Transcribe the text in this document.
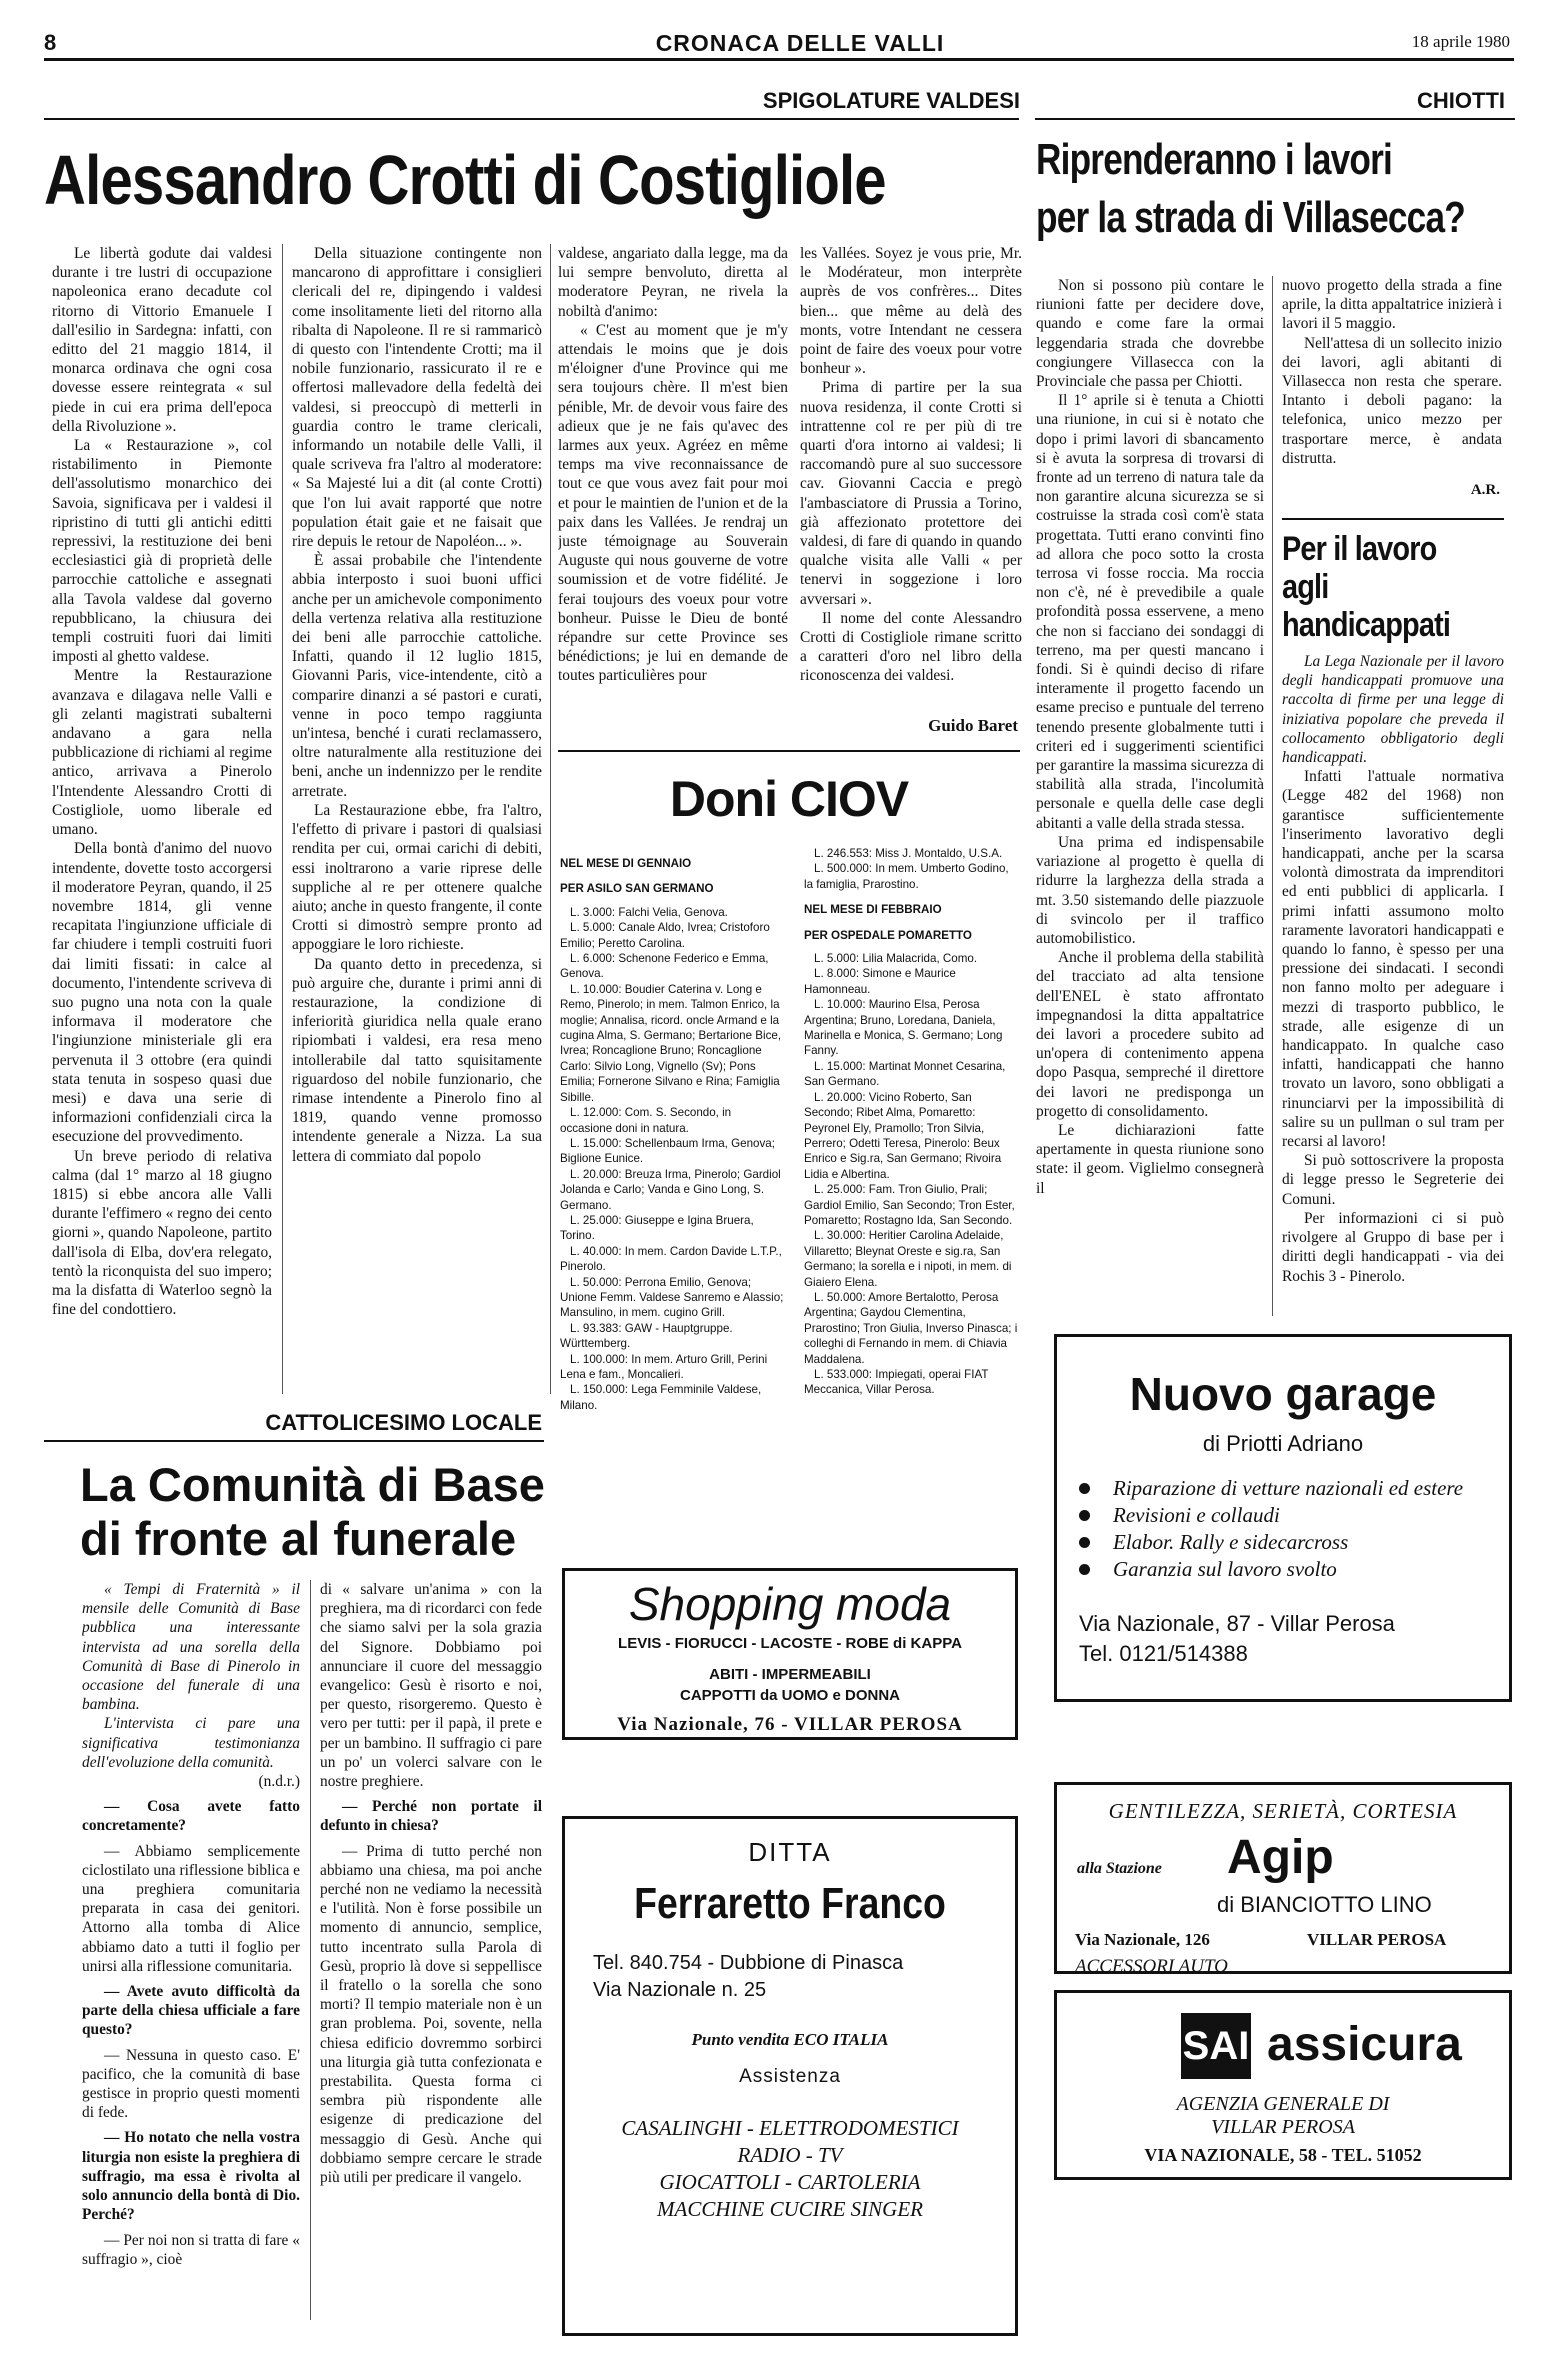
8	CRONACA DELLE VALLI	18 aprile 1980
SPIGOLATURE VALDESI	CHIOTTI
Alessandro Crotti di Costigliole

Le libertà godute dai valdesi durante i tre lustri di occupazione napoleonica erano decadute col ritorno di Vittorio Emanuele I dall'esilio in Sardegna: infatti, con editto del 21 maggio 1814, il monarca ordinava che ogni cosa dovesse essere reintegrata « sul piede in cui era prima dell'epoca della Rivoluzione ».

La « Restaurazione », col ristabilimento in Piemonte dell'assolutismo monarchico dei Savoia, significava per i valdesi il ripristino di tutti gli antichi editti repressivi, la restituzione dei beni ecclesiastici già di proprietà delle parrocchie cattoliche e assegnati alla Tavola valdese dal governo repubblicano, la chiusura dei templi costruiti fuori dai limiti imposti al ghetto valdese.

Mentre la Restaurazione avanzava e dilagava nelle Valli e gli zelanti magistrati subalterni andavano a gara nella pubblicazione di richiami al regime antico, arrivava a Pinerolo l'Intendente Alessandro Crotti di Costigliole, uomo liberale ed umano.

Della bontà d'animo del nuovo intendente, dovette tosto accorgersi il moderatore Peyran, quando, il 25 novembre 1814, gli venne recapitata l'ingiunzione ufficiale di far chiudere i templi costruiti fuori dai limiti fissati: in calce al documento, l'intendente scriveva di suo pugno una nota con la quale informava il moderatore che l'ingiunzione ministeriale gli era pervenuta il 3 ottobre (era quindi stata tenuta in sospeso quasi due mesi) e dava una serie di informazioni confidenziali circa la esecuzione del provvedimento.

Un breve periodo di relativa calma (dal 1° marzo al 18 giugno 1815) si ebbe ancora alle Valli durante l'effimero « regno dei cento giorni », quando Napoleone, partito dall'isola di Elba, dov'era relegato, tentò la riconquista del suo impero; ma la disfatta di Waterloo segnò la fine del condottiero.

Della situazione contingente non mancarono di approfittare i consiglieri clericali del re, dipingendo i valdesi come insolitamente lieti del ritorno alla ribalta di Napoleone. Il re si rammaricò di questo con l'intendente Crotti; ma il nobile funzionario, rassicurato il re e offertosi mallevadore della fedeltà dei valdesi, si preoccupò di metterli in guardia contro le trame clericali, informando un notabile delle Valli, il quale scriveva fra l'altro al moderatore: « Sa Majesté lui a dit (al conte Crotti) que l'on lui avait rapporté que notre population était gaie et ne faisait que rire depuis le retour de Napoléon... ».

È assai probabile che l'intendente abbia interposto i suoi buoni uffici anche per un amichevole componimento della vertenza relativa alla restituzione dei beni alle parrocchie cattoliche. Infatti, quando il 12 luglio 1815, Giovanni Paris, vice-intendente, citò a comparire dinanzi a sé pastori e curati, venne in poco tempo raggiunta un'intesa, benché i curati reclamassero, oltre naturalmente alla restituzione dei beni, anche un indennizzo per le rendite arretrate.

La Restaurazione ebbe, fra l'altro, l'effetto di privare i pastori di qualsiasi rendita per cui, ormai carichi di debiti, essi inoltrarono a varie riprese delle suppliche al re per ottenere qualche aiuto; anche in questo frangente, il conte Crotti si dimostrò sempre pronto ad appoggiare le loro richieste.

Da quanto detto in precedenza, si può arguire che, durante i primi anni di restaurazione, la condizione di inferiorità giuridica nella quale erano ripiombati i valdesi, era resa meno intollerabile dal tatto squisitamente riguardoso del nobile funzionario, che rimase intendente a Pinerolo fino al 1819, quando venne promosso intendente generale a Nizza. La sua lettera di commiato dal popolo

valdese, angariato dalla legge, ma da lui sempre benvoluto, diretta al moderatore Peyran, ne rivela la nobiltà d'animo:

« C'est au moment que je m'y attendais le moins que je dois m'éloigner d'une Province qui me sera toujours chère. Il m'est bien pénible, Mr. de devoir vous faire des adieux que je ne fais qu'avec des larmes aux yeux. Agréez en même temps ma vive reconnaissance de tout ce que vous avez fait pour moi et pour le maintien de l'union et de la paix dans les Vallées. Je rendraj un juste témoignage au Souverain Auguste qui nous gouverne de votre soumission et de votre fidélité. Je ferai toujours des voeux pour votre bonheur. Puisse le Dieu de bonté répandre sur cette Province ses bénédictions; je lui en demande de toutes particulières pour

les Vallées. Soyez je vous prie, Mr. le Modérateur, mon interprète auprès de vos confrères... Dites bien... que même au delà des monts, votre Intendant ne cessera point de faire des voeux pour votre bonheur ».

Prima di partire per la sua nuova residenza, il conte Crotti si intrattenne col re per più di tre quarti d'ora intorno ai valdesi; li raccomandò pure al suo successore cav. Giovanni Caccia e pregò l'ambasciatore di Prussia a Torino, già affezionato protettore dei valdesi, di fare di quando in quando qualche visita alle Valli « per tenervi in soggezione i loro avversari ».

Il nome del conte Alessandro Crotti di Costigliole rimane scritto a caratteri d'oro nel libro della riconoscenza dei valdesi.

Guido Baret
Doni CIOV
NEL MESE DI GENNAIO
PER ASILO SAN GERMANO
L. 3.000: Falchi Velia, Genova.
L. 5.000: Canale Aldo, Ivrea; Cristoforo Emilio; Peretto Carolina.
L. 6.000: Schenone Federico e Emma, Genova.
L. 10.000: Boudier Caterina v. Long e Remo, Pinerolo; in mem. Talmon Enrico, la moglie; Annalisa, ricord. oncle Armand e la cugina Alma, S. Germano; Bertarione Bice, Ivrea; Roncaglione Bruno; Roncaglione Carlo: Silvio Long, Vignello (Sv); Pons Emilia; Fornerone Silvano e Rina; Famiglia Sibille.
L. 12.000: Com. S. Secondo, in occasione doni in natura.
L. 15.000: Schellenbaum Irma, Genova; Biglione Eunice.
L. 20.000: Breuza Irma, Pinerolo; Gardiol Jolanda e Carlo; Vanda e Gino Long, S. Germano.
L. 25.000: Giuseppe e Igina Bruera, Torino.
L. 40.000: In mem. Cardon Davide L.T.P., Pinerolo.
L. 50.000: Perrona Emilio, Genova; Unione Femm. Valdese Sanremo e Alassio; Mansulino, in mem. cugino Grill.
L. 93.383: GAW - Hauptgruppe. Württemberg.
L. 100.000: In mem. Arturo Grill, Perini Lena e fam., Moncalieri.
L. 150.000: Lega Femminile Valdese, Milano.
L. 246.553: Miss J. Montaldo, U.S.A.
L. 500.000: In mem. Umberto Godino, la famiglia, Prarostino.
NEL MESE DI FEBBRAIO
PER OSPEDALE POMARETTO
L. 5.000: Lilia Malacrida, Como.
L. 8.000: Simone e Maurice Hamonneau.
L. 10.000: Maurino Elsa, Perosa Argentina; Bruno, Loredana, Daniela, Marinella e Monica, S. Germano; Long Fanny.
L. 15.000: Martinat Monnet Cesarina, San Germano.
L. 20.000: Vicino Roberto, San Secondo; Ribet Alma, Pomaretto: Peyronel Ely, Pramollo; Tron Silvia, Perrero; Odetti Teresa, Pinerolo: Beux Enrico e Sig.ra, San Germano; Rivoira Lidia e Albertina.
L. 25.000: Fam. Tron Giulio, Prali; Gardiol Emilio, San Secondo; Tron Ester, Pomaretto; Rostagno Ida, San Secondo.
L. 30.000: Heritier Carolina Adelaide, Villaretto; Bleynat Oreste e sig.ra, San Germano; la sorella e i nipoti, in mem. di Giaiero Elena.
L. 50.000: Amore Bertalotto, Perosa Argentina; Gaydou Clementina, Prarostino; Tron Giulia, Inverso Pinasca; i colleghi di Fernando in mem. di Chiavia Maddalena.
L. 533.000: Impiegati, operai FIAT Meccanica, Villar Perosa.
CATTOLICESIMO LOCALE
La Comunità di Base
di fronte al funerale

« Tempi di Fraternità » il mensile delle Comunità di Base pubblica una interessante intervista ad una sorella della Comunità di Base di Pinerolo in occasione del funerale di una bambina.

L'intervista ci pare una significativa testimonianza dell'evoluzione della comunità.

(n.d.r.)

— Cosa avete fatto concretamente?

— Abbiamo semplicemente ciclostilato una riflessione biblica e una preghiera comunitaria preparata in casa dei genitori. Attorno alla tomba di Alice abbiamo dato a tutti il foglio per unirsi alla riflessione comunitaria.

— Avete avuto difficoltà da parte della chiesa ufficiale a fare questo?

— Nessuna in questo caso. E' pacifico, che la comunità di base gestisce in proprio questi momenti di fede.

— Ho notato che nella vostra liturgia non esiste la preghiera di suffragio, ma essa è rivolta al solo annuncio della bontà di Dio. Perché?

— Per noi non si tratta di fare « suffragio », cioè

di « salvare un'anima » con la preghiera, ma di ricordarci con fede che siamo salvi per la sola grazia del Signore. Dobbiamo poi annunciare il cuore del messaggio evangelico: Gesù è risorto e noi, per questo, risorgeremo. Questo è vero per tutti: per il papà, il prete e per un bambino. Il suffragio ci pare un po' un volerci salvare con le nostre preghiere.

— Perché non portate il defunto in chiesa?

— Prima di tutto perché non abbiamo una chiesa, ma poi anche perché non ne vediamo la necessità e l'utilità. Non è forse possibile un momento di annuncio, semplice, tutto incentrato sulla Parola di Gesù, proprio là dove si seppellisce il fratello o la sorella che sono morti? Il tempio materiale non è un gran problema. Poi, sovente, nella chiesa edificio dovremmo sorbirci una liturgia già tutta confezionata e prestabilita. Questa forma ci sembra più rispondente alle esigenze di predicazione del messaggio di Gesù. Anche qui dobbiamo sempre cercare le strade più utili per predicare il vangelo.

Shopping moda
LEVIS - FIORUCCI - LACOSTE - ROBE di KAPPA
ABITI - IMPERMEABILI
CAPPOTTI da UOMO e DONNA
Via Nazionale, 76 - VILLAR PEROSA
DITTA
Ferraretto Franco
Tel. 840.754 - Dubbione di Pinasca
Via Nazionale n. 25
Punto vendita ECO ITALIA
Assistenza
CASALINGHI - ELETTRODOMESTICI
RADIO - TV
GIOCATTOLI - CARTOLERIA
MACCHINE CUCIRE SINGER
Riprenderanno i lavori
per la strada di Villasecca?

Non si possono più contare le riunioni fatte per decidere dove, quando e come fare la ormai leggendaria strada che dovrebbe congiungere Villasecca con la Provinciale che passa per Chiotti.

Il 1° aprile si è tenuta a Chiotti una riunione, in cui si è notato che dopo i primi lavori di sbancamento si è avuta la sorpresa di trovarsi di fronte ad un terreno di natura tale da non garantire alcuna sicurezza se si costruisse la strada così com'è stata progettata. Tutti erano convinti fino ad allora che poco sotto la crosta terrosa vi fosse roccia. Ma roccia non c'è, né è prevedibile a quale profondità possa esservene, a meno che non si facciano dei sondaggi di terreno, ma per questi mancano i fondi. Si è quindi deciso di rifare interamente il progetto facendo un esame preciso e puntuale del terreno tenendo presente globalmente tutti i criteri ed i suggerimenti scientifici per garantire la massima sicurezza di stabilità alla strada, l'incolumità personale e quella delle case degli abitanti a valle della strada stessa.

Una prima ed indispensabile variazione al progetto è quella di ridurre la larghezza della strada a mt. 3.50 sistemando delle piazzuole di svincolo per il traffico automobilistico.

Anche il problema della stabilità del tracciato ad alta tensione dell'ENEL è stato affrontato impegnandosi la ditta appaltatrice dei lavori a procedere subito ad un'opera di contenimento appena dopo Pasqua, sempreché il direttore dei lavori ne predisponga un progetto di consolidamento.

Le dichiarazioni fatte apertamente in questa riunione sono state: il geom. Viglielmo consegnerà il

nuovo progetto della strada a fine aprile, la ditta appaltatrice inizierà i lavori il 5 maggio.

Nell'attesa di un sollecito inizio dei lavori, agli abitanti di Villasecca non resta che sperare. Intanto i deboli pagano: la telefonica, unico mezzo per trasportare merce, è andata distrutta.

A.R.
Per il lavoro
agli
handicappati

La Lega Nazionale per il lavoro degli handicappati promuove una raccolta di firme per una legge di iniziativa popolare che preveda il collocamento obbligatorio degli handicappati.

Infatti l'attuale normativa (Legge 482 del 1968) non garantisce sufficientemente l'inserimento lavorativo degli handicappati, anche per la scarsa volontà dimostrata da imprenditori ed enti pubblici di applicarla. I primi infatti assumono molto raramente lavoratori handicappati e quando lo fanno, è spesso per una pressione dei sindacati. I secondi non fanno molto per adeguare i mezzi di trasporto pubblico, le strade, alle esigenze di un handicappato. In qualche caso infatti, handicappati che hanno trovato un lavoro, sono obbligati a rinunciarvi per la impossibilità di salire su un pullman o sul tram per recarsi al lavoro!

Si può sottoscrivere la proposta di legge presso le Segreterie dei Comuni.

Per informazioni ci si può rivolgere al Gruppo di base per i diritti degli handicappati - via dei Rochis 3 - Pinerolo.

Nuovo garage
di Priotti Adriano
Riparazione di vetture nazionali ed estere
Revisioni e collaudi
Elabor. Rally e sidecarcross
Garanzia sul lavoro svolto
Via Nazionale, 87 - Villar Perosa
Tel. 0121/514388
GENTILEZZA, SERIETÀ, CORTESIA
alla Stazione Agip
di BIANCIOTTO LINO
Via Nazionale, 126	VILLAR PEROSA
ACCESSORI AUTO
SAI assicura
AGENZIA GENERALE DI
VILLAR PEROSA
VIA NAZIONALE, 58 - TEL. 51052
